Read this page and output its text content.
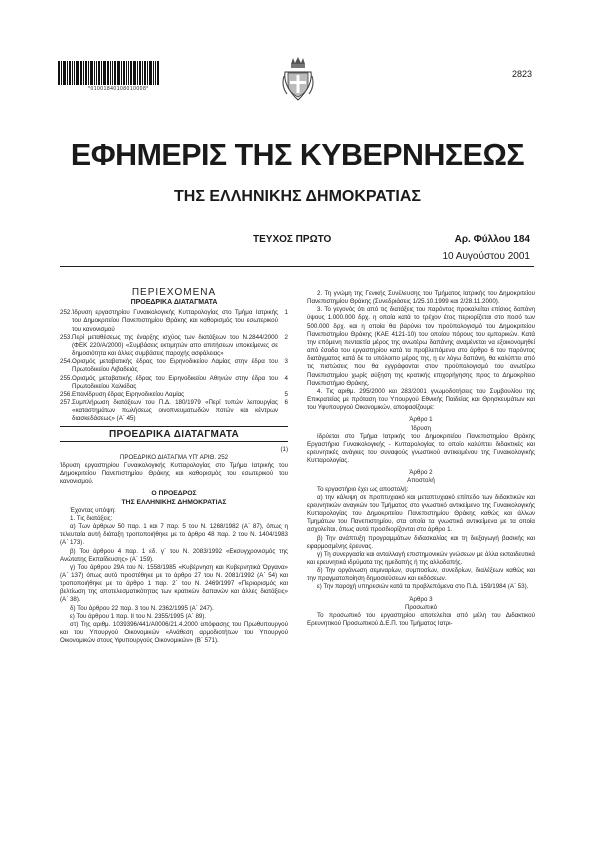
*01001840108010008*
2823
ΕΦΗΜΕΡΙΣ ΤΗΣ ΚΥΒΕΡΝΗΣΕΩΣ
ΤΗΣ ΕΛΛΗΝΙΚΗΣ ΔΗΜΟΚΡΑΤΙΑΣ
ΤΕΥΧΟΣ ΠΡΩΤΟ	Αρ. Φύλλου 184
10 Αυγούστου 2001
ΠΕΡΙΕΧΟΜΕΝΑ
ΠΡΟΕΔΡΙΚΑ ΔΙΑΤΑΓΜΑΤΑ
252. Ίδρυση εργαστηρίου Γυναικολογικής Κυτταρολογίας στο Τμήμα Ιατρικής του Δημοκριτείου Πανεπιστημίου Θράκης και καθορισμός του εσωτερικού του κανονισμού
1
253. Περί μεταθέσεως της έναρξης ισχύος των διατάξεων του Ν.2844/2000 (ΦΕΚ 220/Α/2000) «Συμβάσεις εκτιμητών απο απιτήσεων υποκείμενες σε δημοσιότητα και άλλες συμβάσεις παροχής ασφάλειας»
2
254. Ορισμός μεταβατικής έδρας του Ειρηνοδικείου Λαμίας στην έδρα του Πρωτοδικείου Λιβαδειάς
3
255. Ορισμός μεταβατικής έδρας του Ειρηνοδικείου Αθηνών στην έδρα του Πρωτοδικείου Χαλκίδας
4
256. Επανίδρυση έδρας Ειρηνοδικείου Λαμίας	5
257. Συμπλήρωση διατάξεων του Π.Δ. 180/1979 «Περί τυπών λειτουργίας «καταστημάτων πωλήσεως οινοπνευματωδών ποτών και κέντρων διασκεδάσεως» (Α΄ 45)
6
ΠΡΟΕΔΡΙΚΑ ΔΙΑΤΑΓΜΑΤΑ
(1)
ΠΡΟΕΔΡΙΚΟ ΔΙΑΤΑΓΜΑ ΥΠ' ΑΡΙΘ. 252
Ίδρυση εργαστηρίου Γυναικολογικής Κυτταρολογίας στο Τμήμα Ιατρικής του Δημοκριτείου Πανεπιστημίου Θράκης και καθορισμός του εσωτερικού του κανονισμού.
Ο ΠΡΟΕΔΡΟΣ
ΤΗΣ ΕΛΛΗΝΙΚΗΣ ΔΗΜΟΚΡΑΤΙΑΣ
Έχοντας υπόψη:
1. Τις διατάξεις:
α) Των άρθρων 50 παρ. 1 και 7 παρ. 5 του Ν. 1268/1982 (Α΄ 87), όπως η τελευταία αυτή διάταξη τροποποιήθηκε με το άρθρο 48 παρ. 2 του Ν. 1404/1983 (Α΄ 173).
β) Του άρθρου 4 παρ. 1 εδ. γ΄ του Ν. 2083/1992 «Εκσυγχρονισμός της Ανώτατης Εκπαίδευσης» (Α΄ 159).
γ) Του άρθρου 29Α του Ν. 1558/1985 «Κυβέρνηση και Κυβερνητικά Όργανα» (Α΄ 137) όπως αυτό προστέθηκε με το άρθρο 27 του Ν. 2081/1992 (Α΄ 54) και τροποποιήθηκε με το άρθρο 1 παρ. 2΄ του Ν. 2469/1997 «Περιορισμός και βελτίωση της αποτελεσματικότητας των κρατικών δαπανών και άλλες διατάξεις» (Α΄ 38).
δ) Του άρθρου 22 παρ. 3 του Ν. 2362/1995 (Α΄ 247).
ε) Του άρθρου 1 παρ. ΙΙ του Ν. 2355/1995 (Α΄ 89).
στ) Της αριθμ. 1039396/441/Α0006/21.4.2000 απόφασης του Πρωθυπουργού και του Υπουργού Οικονομικών «Ανάθεση αρμοδιοτήτων του Υπουργού Οικονομικών στους Υφυπουργούς Οικονομικών» (Β΄ 571).
2. Τη γνώμη της Γενικής Συνέλευσης του Τμήματος Ιατρικής του Δημοκριτείου Πανεπιστημίου Θράκης (Συνεδριάσεις 1/25.10.1999 και 2/28.11.2000).
3. Το γεγονός ότι από τις διατάξεις του παρόντος προκαλείται επίσιος δαπάνη ύψους 1.000.000 δρχ. η οποία κατά το τρέχον έτος περιορίζεται στο ποσό των 500.000 δρχ. και η οποία θα βαρύνει τον προϋπολογισμό του Δημοκριτείου Πανεπιστημίου Θράκης (ΚΑΕ 4121-10) του οποίου πόρους του εμπορικών. Κατά την επόμενη πενταετία μέρος της ανωτέρω δαπάνης αναμένεται να εξοικονομηθεί από έσοδα του εργαστηρίου κατά τα προβλεπόμενα στο άρθρο 6 του παρόντος διατάγματος κατά δε το υπόλοιπο μέρος της, η εν λόγω δαπάνη, θα καλύπτει από τις πιστώσεις που θα εγγράφονται στον προϋπολογισμό του ανωτέρω Πανεπιστημίου χωρίς αύξηση της κρατικής επιχορήγησης προς το Δημοκρίτειο Πανεπιστήμιο Θράκης.
4. Τις αριθμ. 295/2000 και 283/2001 γνωμοδοτήσεις του Συμβουλίου της Επικρατείας με πρόταση του Υπουργού Εθνικής Παιδείας και Θρησκευμάτων και του Υφυπουργού Οικονομικών, αποφασίζουμε:
Άρθρο 1
Ίδρυση
Ιδρύεται στο Τμήμα Ιατρικής του Δημοκριτείου Πανεπιστημίου Θράκης Εργαστήριο Γυναικολογικής - Κυτταρολογίας το οποίο καλύπτει διδακτικές και ερευνητικές ανάγκες του συναφούς γνωστικού αντικειμένου της Γυναικολογικής Κυτταρολογίας.
Άρθρο 2
Αποστολή
Το εργαστήριο έχει ως αποστολή:
α) την κάλυψη σε προπτυχιακό και μεταπτυχιακό επίπεδο των διδακτικών και ερευνητικών αναγκών του Τμήματος στο γνωστικό αντικείμενο της Γυναικολογικής Κυτταρολογίας του Δημοκριτείου Πανεπιστημίου Θράκης καθώς και άλλων Τμημάτων του Πανεπιστημίου, στα οποία τα γνωστικά αντικείμενα με τα οποία ασχολείται, όπως αυτά προσδιορίζονται στο άρθρο 1.
β) Την ανάπτυξη προγραμμάτων διδασκαλίας και τη διεξαγωγή βασικής και εφαρμοσμένης έρευνας.
γ) Τη συνεργασία και ανταλλαγή επιστημονικών γνώσεων με άλλα εκπαιδευτικά και ερευνητικά ιδρύματα της ημεδαπής ή της αλλοδαπής.
δ) Την οργάνωση σεμιναρίων, συμποσίων, συνεδρίων, διαλέξεων καθώς και την πραγματοποίηση δημοσιεύσεων και εκδόσεων.
ε) Την παροχή υπηρεσιών κατά τα προβλεπόμενα στο Π.Δ. 159/1984 (Α΄ 53).
Άρθρο 3
Προσωπικό
Το προσωπικό του εργαστηρίου αποτελείται από μέλη του Διδακτικού Ερευνητικού Προσωπικού Δ.Ε.Π. του Τμήματος Ιατρι-
